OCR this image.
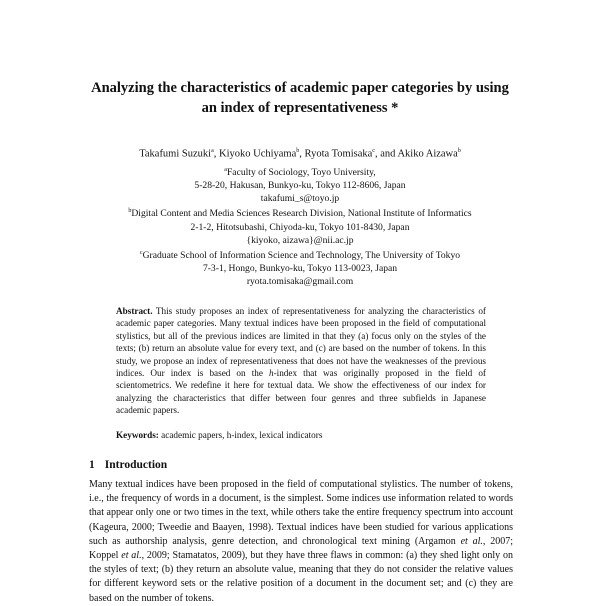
Analyzing the characteristics of academic paper categories by using
an index of representativeness *
Takafumi Suzuki$^a$, Kiyoko Uchiyama$^b$, Ryota Tomisaka$^c$, and Akiko Aizawa$^b$
$^a$Faculty of Sociology, Toyo University,
5-28-20, Hakusan, Bunkyo-ku, Tokyo 112-8606, Japan
takafumi_s@toyo.jp
$^b$Digital Content and Media Sciences Research Division, National Institute of Informatics
2-1-2, Hitotsubashi, Chiyoda-ku, Tokyo 101-8430, Japan
{kiyoko, aizawa}@nii.ac.jp
$^c$Graduate School of Information Science and Technology, The University of Tokyo
7-3-1, Hongo, Bunkyo-ku, Tokyo 113-0023, Japan
ryota.tomisaka@gmail.com

Abstract. This study proposes an index of representativeness for analyzing the characteristics of academic paper categories. Many textual indices have been proposed in the field of computational stylistics, but all of the previous indices are limited in that they (a) focus only on the styles of the texts; (b) return an absolute value for every text, and (c) are based on the number of tokens. In this study, we propose an index of representativeness that does not have the weaknesses of the previous indices. Our index is based on the h-index that was originally proposed in the field of scientometrics. We redefine it here for textual data. We show the effectiveness of our index for analyzing the characteristics that differ between four genres and three subfields in Japanese academic papers.

Keywords: academic papers, h-index, lexical indicators
1 Introduction

Many textual indices have been proposed in the field of computational stylistics. The number of tokens, i.e., the frequency of words in a document, is the simplest. Some indices use information related to words that appear only one or two times in the text, while others take the entire frequency spectrum into account (Kageura, 2000; Tweedie and Baayen, 1998). Textual indices have been studied for various applications such as authorship analysis, genre detection, and chronological text mining (Argamon et al., 2007; Koppel et al., 2009; Stamatatos, 2009), but they have three flaws in common: (a) they shed light only on the styles of text; (b) they return an absolute value, meaning that they do not consider the relative values for different keyword sets or the relative position of a document in the document set; and (c) they are based on the number of tokens.
